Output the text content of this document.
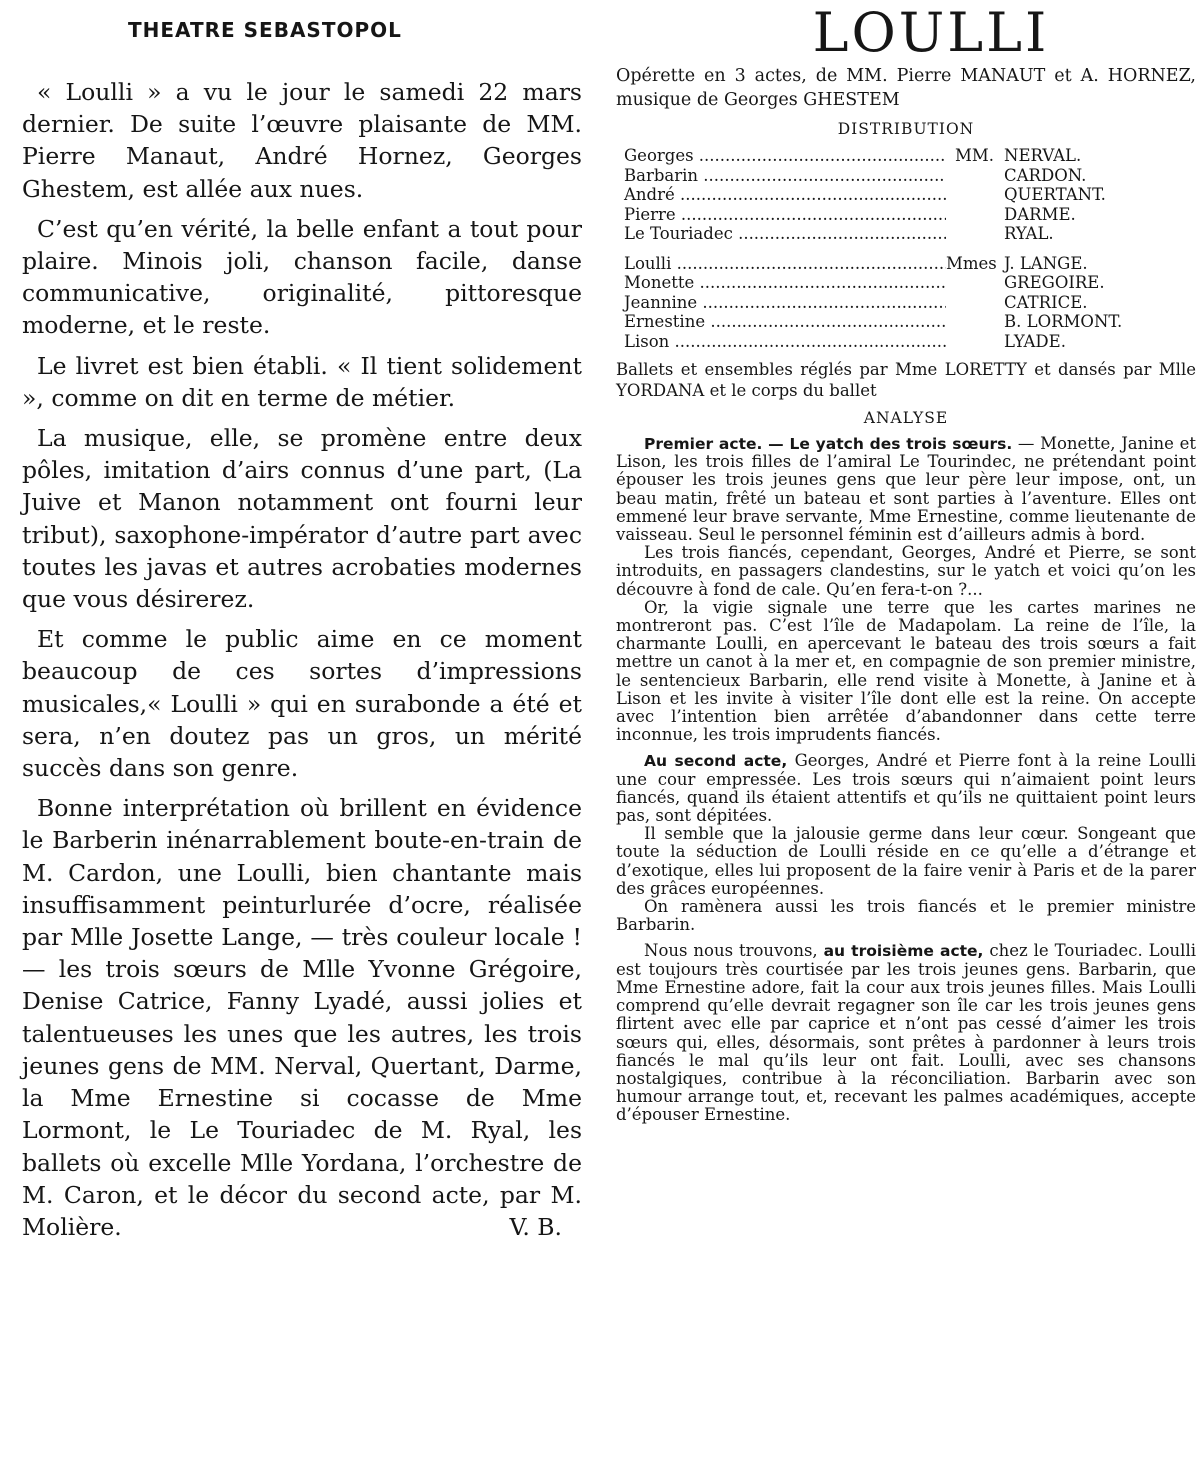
THEATRE SEBASTOPOL

« Loulli » a vu le jour le samedi 22 mars dernier. De suite l’œuvre plaisante de MM. Pierre Manaut, André Hornez, Georges Ghestem, est allée aux nues.

C’est qu’en vérité, la belle enfant a tout pour plaire. Minois joli, chanson facile, danse communicative, originalité, pittoresque moderne, et le reste.

Le livret est bien établi. « Il tient solidement », comme on dit en terme de métier.

La musique, elle, se promène entre deux pôles, imitation d’airs connus d’une part, (La Juive et Manon notamment ont fourni leur tribut), saxophone-impérator d’autre part avec toutes les javas et autres acrobaties modernes que vous désirerez.

Et comme le public aime en ce moment beaucoup de ces sortes d’impressions musicales,« Loulli » qui en surabonde a été et sera, n’en doutez pas un gros, un mérité succès dans son genre.

Bonne interprétation où brillent en évidence le Barberin inénarrablement boute-en-train de M. Cardon, une Loulli, bien chantante mais insuffisamment peinturlurée d’ocre, réalisée par Mlle Josette Lange, — très couleur locale ! — les trois sœurs de Mlle Yvonne Grégoire, Denise Catrice, Fanny Lyadé, aussi jolies et talentueuses les unes que les autres, les trois jeunes gens de MM. Nerval, Quertant, Darme, la Mme Ernestine si cocasse de Mme Lormont, le Le Touriadec de M. Ryal, les ballets où excelle Mlle Yordana, l’orchestre de M. Caron, et le décor du second acte, par M. Molière.	V. B.

LOULLI
Opérette en 3 actes, de MM. Pierre MANAUT et A. HORNEZ, musique de Georges GHESTEM
DISTRIBUTION
Georges .....	MM. NERVAL.
Barbarin .....	CARDON.
André .....	QUERTANT.
Pierre .....	DARME.
Le Touriadec .....	RYAL.
Loulli .....	Mmes J. LANGE.
Monette .....	GREGOIRE.
Jeannine .....	CATRICE.
Ernestine .....	B. LORMONT.
Lison .....	LYADE.
Ballets et ensembles réglés par Mme LORETTY et dansés par Mlle YORDANA et le corps du ballet
ANALYSE

Premier acte. — Le yatch des trois sœurs. — Monette, Janine et Lison, les trois filles de l’amiral Le Tourindec, ne prétendant point épouser les trois jeunes gens que leur père leur impose, ont, un beau matin, frêté un bateau et sont parties à l’aventure. Elles ont emmené leur brave servante, Mme Ernestine, comme lieutenante de vaisseau. Seul le personnel féminin est d’ailleurs admis à bord.

Les trois fiancés, cependant, Georges, André et Pierre, se sont introduits, en passagers clandestins, sur le yatch et voici qu’on les découvre à fond de cale. Qu’en fera-t-on ?...

Or, la vigie signale une terre que les cartes marines ne montreront pas. C’est l’île de Madapolam. La reine de l’île, la charmante Loulli, en apercevant le bateau des trois sœurs a fait mettre un canot à la mer et, en compagnie de son premier ministre, le sentencieux Barbarin, elle rend visite à Monette, à Janine et à Lison et les invite à visiter l’île dont elle est la reine. On accepte avec l’intention bien arrêtée d’abandonner dans cette terre inconnue, les trois imprudents fiancés.

Au second acte, Georges, André et Pierre font à la reine Loulli une cour empressée. Les trois sœurs qui n’aimaient point leurs fiancés, quand ils étaient attentifs et qu’ils ne quittaient point leurs pas, sont dépitées.

Il semble que la jalousie germe dans leur cœur. Songeant que toute la séduction de Loulli réside en ce qu’elle a d’étrange et d’exotique, elles lui proposent de la faire venir à Paris et de la parer des grâces européennes.

On ramènera aussi les trois fiancés et le premier ministre Barbarin.

Nous nous trouvons, au troisième acte, chez le Touriadec. Loulli est toujours très courtisée par les trois jeunes gens. Barbarin, que Mme Ernestine adore, fait la cour aux trois jeunes filles. Mais Loulli comprend qu’elle devrait regagner son île car les trois jeunes gens flirtent avec elle par caprice et n’ont pas cessé d’aimer les trois sœurs qui, elles, désormais, sont prêtes à pardonner à leurs trois fiancés le mal qu’ils leur ont fait. Loulli, avec ses chansons nostalgiques, contribue à la réconciliation. Barbarin avec son humour arrange tout, et, recevant les palmes académiques, accepte d’épouser Ernestine.
